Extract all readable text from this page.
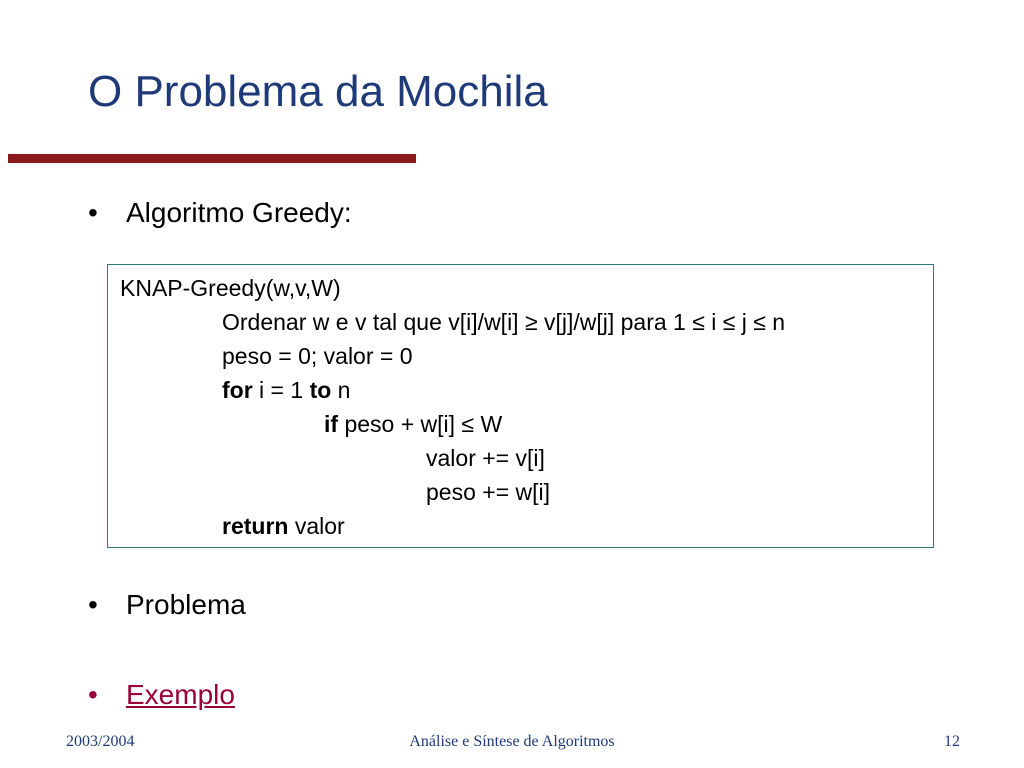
O Problema da Mochila
•	Algoritmo Greedy:
KNAP-Greedy(w,v,W)
Ordenar w e v tal que v[i]/w[i] ≥ v[j]/w[j] para 1 ≤ i ≤ j ≤ n
peso = 0; valor = 0
for i = 1 to n
if peso + w[i] ≤ W
valor += v[i]
peso += w[i]
return valor
•	Problema
•	Exemplo
2003/2004	Análise e Síntese de Algoritmos	12
